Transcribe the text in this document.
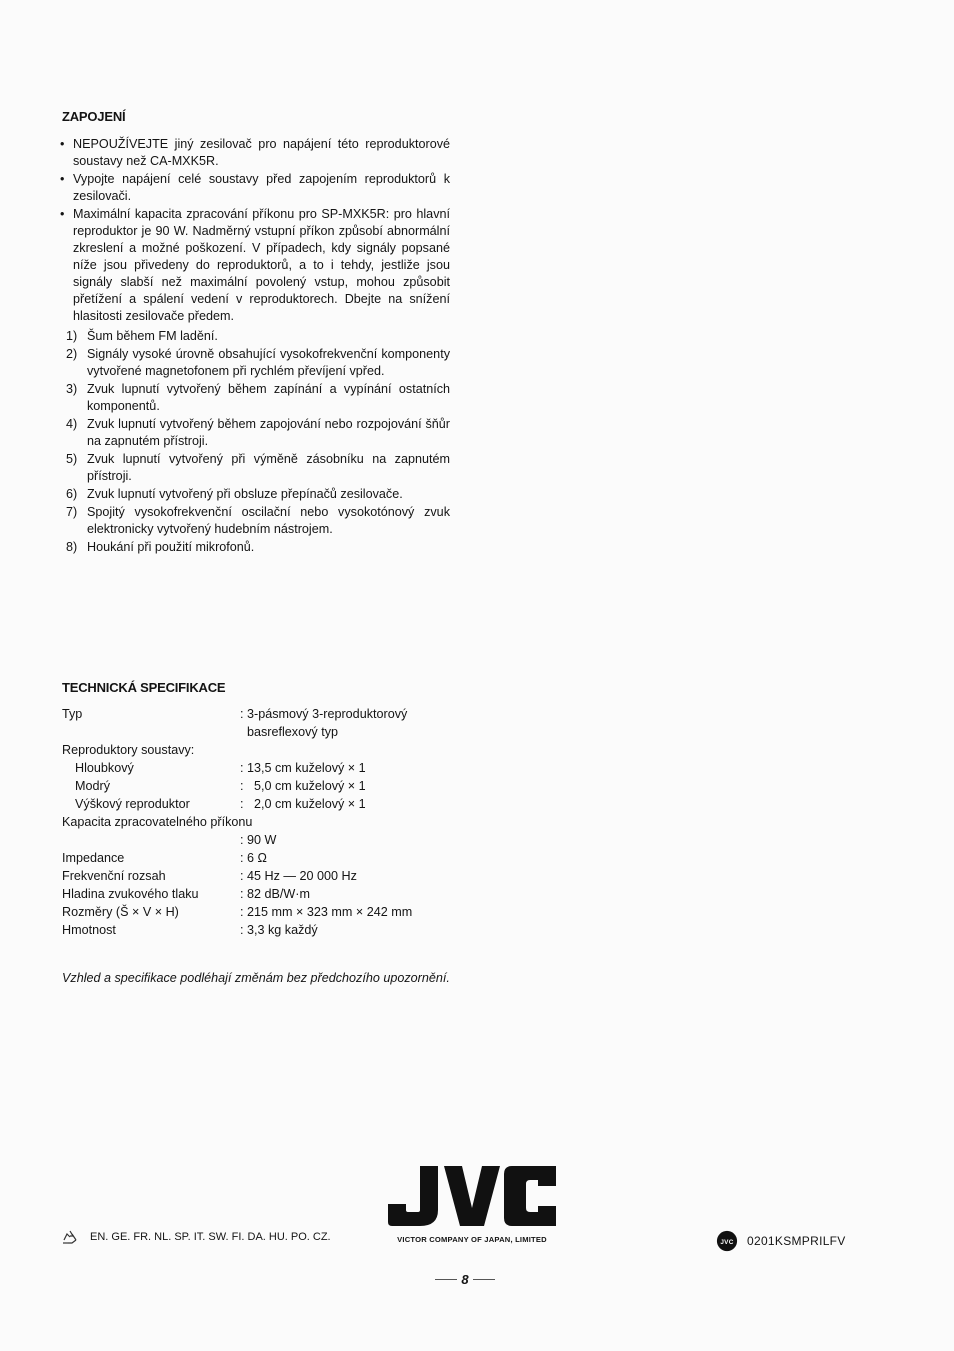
ZAPOJENÍ
• NEPOUŽÍVEJTE jiný zesilovač pro napájení této reproduktorové soustavy než CA-MXK5R.
• Vypojte napájení celé soustavy před zapojením reproduktorů k zesilovači.
• Maximální kapacita zpracování příkonu pro SP-MXK5R: pro hlavní reproduktor je 90 W. Nadměrný vstupní příkon způsobí abnormální zkreslení a možné poškození. V případech, kdy signály popsané níže jsou přivedeny do reproduktorů, a to i tehdy, jestliže jsou signály slabší než maximální povolený vstup, mohou způsobit přetížení a spálení vedení v reproduktorech. Dbejte na snížení hlasitosti zesilovače předem.
1) Šum během FM ladění.
2) Signály vysoké úrovně obsahující vysokofrekvenční komponenty vytvořené magnetofonem při rychlém převíjení vpřed.
3) Zvuk lupnutí vytvořený během zapínání a vypínání ostatních komponentů.
4) Zvuk lupnutí vytvořený během zapojování nebo rozpojování šňůr na zapnutém přístroji.
5) Zvuk lupnutí vytvořený při výměně zásobníku na zapnutém přístroji.
6) Zvuk lupnutí vytvořený při obsluze přepínačů zesilovače.
7) Spojitý vysokofrekvenční oscilační nebo vysokotónový zvuk elektronicky vytvořený hudebním nástrojem.
8) Houkání při použití mikrofonů.
TECHNICKÁ SPECIFIKACE
Typ	: 3-pásmový 3-reproduktorový
	basreflexový typ
Reproduktory soustavy:	
Hloubkový	: 13,5 cm kuželový × 1
Modrý	:   5,0 cm kuželový × 1
Výškový reproduktor	:   2,0 cm kuželový × 1
Kapacita zpracovatelného příkonu	
	: 90 W
Impedance	: 6 Ω
Frekvenční rozsah	: 45 Hz — 20 000 Hz
Hladina zvukového tlaku	: 82 dB/W·m
Rozměry (Š × V × H)	: 215 mm × 323 mm × 242 mm
Hmotnost	: 3,3 kg každý
Vzhled a specifikace podléhají změnám bez předchozího upozornění.
EN. GE. FR. NL. SP. IT. SW. FI. DA. HU. PO. CZ.	VICTOR COMPANY OF JAPAN, LIMITED	JVC 0201KSMPRILFV
8
